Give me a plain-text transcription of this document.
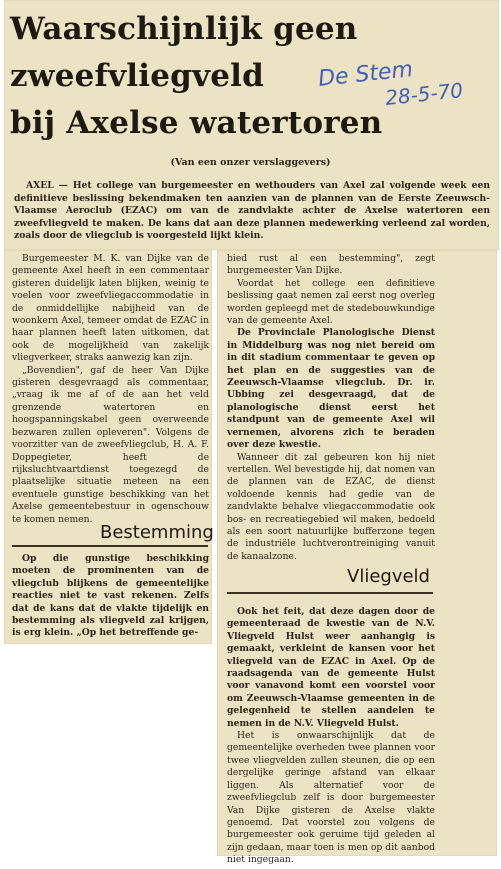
Waarschijnlijk geen
zweefvliegveld
bij Axelse watertoren
De Stem
28-5-70
(Van een onzer verslaggevers)

AXEL — Het college van burgemeester en wethouders van Axel zal volgende week een definitieve beslissing bekendmaken ten aanzien van de plannen van de Eerste Zeeuwsch-Vlaamse Aeroclub (EZAC) om van de zandvlakte achter de Axelse watertoren een zweefvliegveld te maken. De kans dat aan deze plannen medewerking verleend zal worden, zoals door de vliegclub is voorgesteld lijkt klein.

Burgemeester M. K. van Dijke van de gemeente Axel heeft in een commentaar gisteren duidelijk laten blijken, weinig te voelen voor zweefvliegaccommodatie in de onmiddellijke nabijheid van de woonkern Axel, temeer omdat de EZAC in haar plannen heeft laten uitkomen, dat ook de mogelijkheid van zakelijk vliegverkeer, straks aanwezig kan zijn.

„Bovendien", gaf de heer Van Dijke gisteren desgevraagd als commentaar, „vraag ik me af of de aan het veld grenzende watertoren en hoogspanningskabel geen overweende bezwaren zullen opleveren". Volgens de voorzitter van de zweefvliegclub, H. A. F. Doppegieter, heeft de rijksluchtvaartdienst toegezegd de plaatselijke situatie meteen na een eventuele gunstige beschikking van het Axelse gemeentebestuur in ogenschouw te komen nemen.

Bestemming

Op die gunstige beschikking moeten de prominenten van de vliegclub blijkens de gemeentelijke reacties niet te vast rekenen. Zelfs dat de kans dat de vlakte tijdelijk en bestemming als vliegveld zal krijgen, is erg klein. „Op het betreffende ge-

bied rust al een bestemming", zegt burgemeester Van Dijke.

Voordat het college een definitieve beslissing gaat nemen zal eerst nog overleg worden gepleegd met de stedebouwkundige van de gemeente Axel.

De Provinciale Planologische Dienst in Middelburg was nog niet bereid om in dit stadium commentaar te geven op het plan en de suggesties van de Zeeuwsch-Vlaamse vliegclub. Dr. ir. Ubbing zei desgevraagd, dat de planologische dienst eerst het standpunt van de gemeente Axel wil vernemen, alvorens zich te beraden over deze kwestie.

Wanneer dit zal gebeuren kon hij niet vertellen. Wel bevestigde hij, dat nomen van de plannen van de EZAC, de dienst voldoende kennis had gedie van de zandvlakte behalve vliegaccommodatie ook bos- en recreatiegebied wil maken, bedoeld als een soort natuurlijke bufferzone tegen de industriële luchtverontreiniging vanuit de kanaalzone.

Vliegveld

Ook het feit, dat deze dagen door de gemeenteraad de kwestie van de N.V. Vliegveld Hulst weer aanhangig is gemaakt, verkleint de kansen voor het vliegveld van de EZAC in Axel. Op de raadsagenda van de gemeente Hulst voor vanavond komt een voorstel voor om Zeeuwsch-Vlaamse gemeenten in de gelegenheid te stellen aandelen te nemen in de N.V. Vliegveld Hulst.

Het is onwaarschijnlijk dat de gemeentelijke overheden twee plannen voor twee vliegvelden zullen steunen, die op een dergelijke geringe afstand van elkaar liggen. Als alternatief voor de zweefvliegclub zelf is door burgemeester Van Dijke gisteren de Axelse vlakte genoemd. Dat voorstel zou volgens de burgemeester ook geruime tijd geleden al zijn gedaan, maar toen is men op dit aanbod niet ingegaan.
